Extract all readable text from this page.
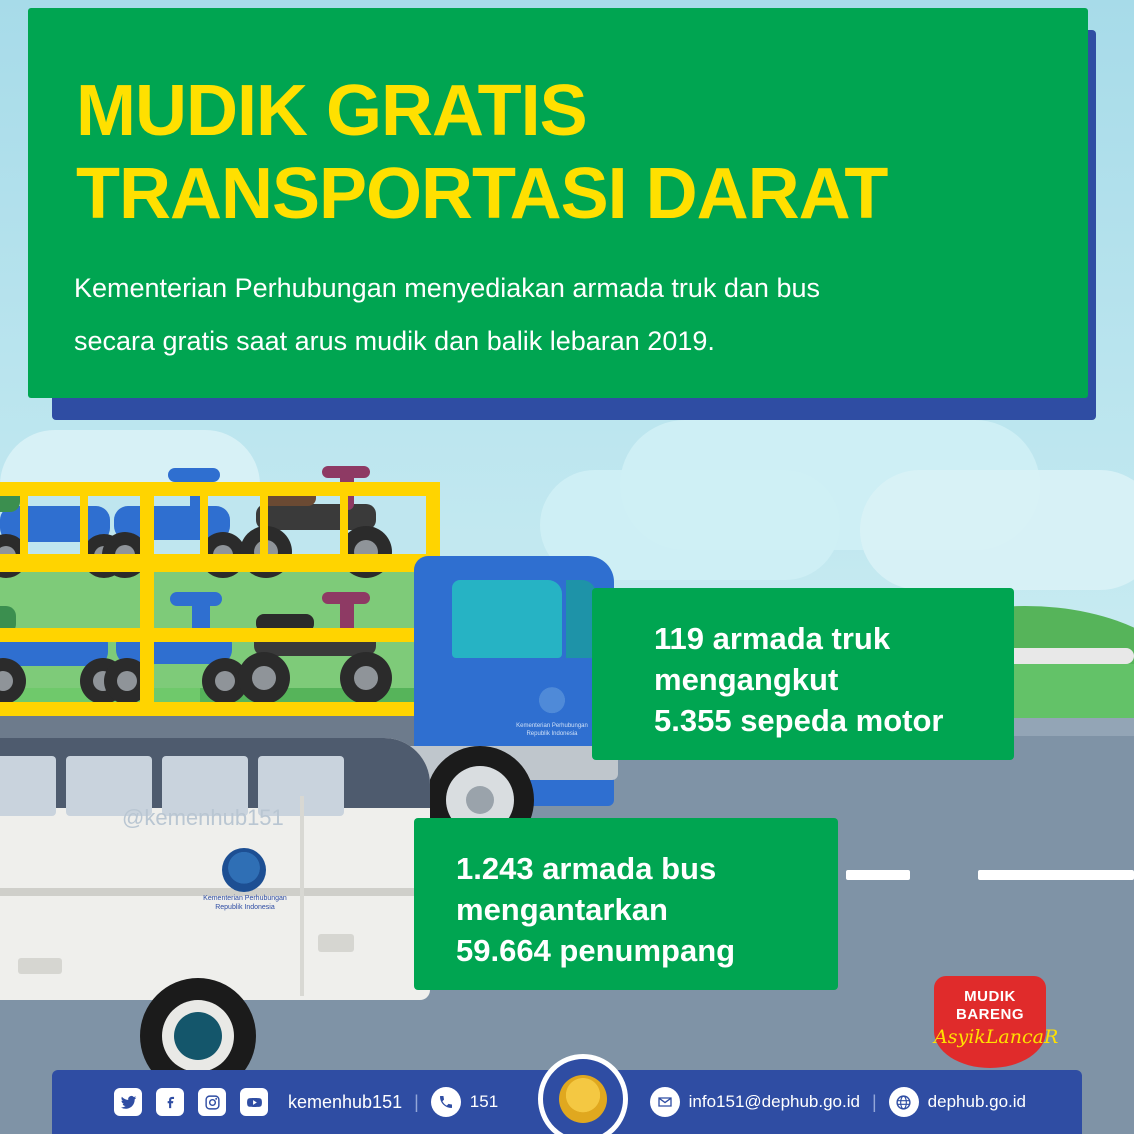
Kementerian Perhubungan
Republik Indonesia
Kementerian Perhubungan
Republik Indonesia
@kemenhub151
MUDIK GRATIS
TRANSPORTASI DARAT
Kementerian Perhubungan menyediakan armada truk dan bus
secara gratis saat arus mudik dan balik lebaran 2019.
119 armada truk
mengangkut
5.355 sepeda motor
1.243 armada bus
mengantarkan
59.664 penumpang
MUDIK
BARENG
AsyikLancaR
kemenhub151 |	151	info151@dephub.go.id |	dephub.go.id
